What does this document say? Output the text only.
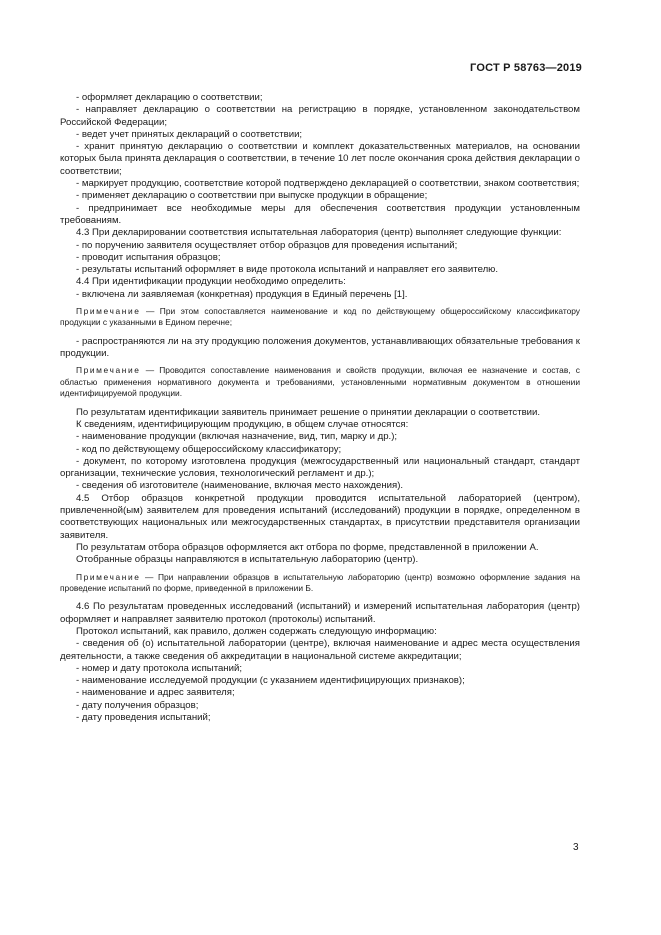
ГОСТ Р 58763—2019

- оформляет декларацию о соответствии;

- направляет декларацию о соответствии на регистрацию в порядке, установленном законодательством Российской Федерации;

- ведет учет принятых деклараций о соответствии;

- хранит принятую декларацию о соответствии и комплект доказательственных материалов, на основании которых была принята декларация о соответствии, в течение 10 лет после окончания срока действия декларации о соответствии;

- маркирует продукцию, соответствие которой подтверждено декларацией о соответствии, знаком соответствия;

- применяет декларацию о соответствии при выпуске продукции в обращение;

- предпринимает все необходимые меры для обеспечения соответствия продукции установленным требованиям.

4.3 При декларировании соответствия испытательная лаборатория (центр) выполняет следующие функции:

- по поручению заявителя осуществляет отбор образцов для проведения испытаний;

- проводит испытания образцов;

- результаты испытаний оформляет в виде протокола испытаний и направляет его заявителю.

4.4 При идентификации продукции необходимо определить:

- включена ли заявляемая (конкретная) продукция в Единый перечень [1].

Примечание — При этом сопоставляется наименование и код по действующему общероссийскому классификатору продукции с указанными в Едином перечне;

- распространяются ли на эту продукцию положения документов, устанавливающих обязательные требования к продукции.

Примечание — Проводится сопоставление наименования и свойств продукции, включая ее назначение и состав, с областью применения нормативного документа и требованиями, установленными нормативным документом в отношении идентифицируемой продукции.

По результатам идентификации заявитель принимает решение о принятии декларации о соответствии.

К сведениям, идентифицирующим продукцию, в общем случае относятся:

- наименование продукции (включая назначение, вид, тип, марку и др.);

- код по действующему общероссийскому классификатору;

- документ, по которому изготовлена продукция (межгосударственный или национальный стандарт, стандарт организации, технические условия, технологический регламент и др.);

- сведения об изготовителе (наименование, включая место нахождения).

4.5 Отбор образцов конкретной продукции проводится испытательной лабораторией (центром), привлеченной(ым) заявителем для проведения испытаний (исследований) продукции в порядке, определенном в соответствующих национальных или межгосударственных стандартах, в присутствии представителя организации заявителя.

По результатам отбора образцов оформляется акт отбора по форме, представленной в приложении А.

Отобранные образцы направляются в испытательную лабораторию (центр).

Примечание — При направлении образцов в испытательную лабораторию (центр) возможно оформление задания на проведение испытаний по форме, приведенной в приложении Б.

4.6 По результатам проведенных исследований (испытаний) и измерений испытательная лаборатория (центр) оформляет и направляет заявителю протокол (протоколы) испытаний.

Протокол испытаний, как правило, должен содержать следующую информацию:

- сведения об (о) испытательной лаборатории (центре), включая наименование и адрес места осуществления деятельности, а также сведения об аккредитации в национальной системе аккредитации;

- номер и дату протокола испытаний;

- наименование исследуемой продукции (с указанием идентифицирующих признаков);

- наименование и адрес заявителя;

- дату получения образцов;

- дату проведения испытаний;

3
